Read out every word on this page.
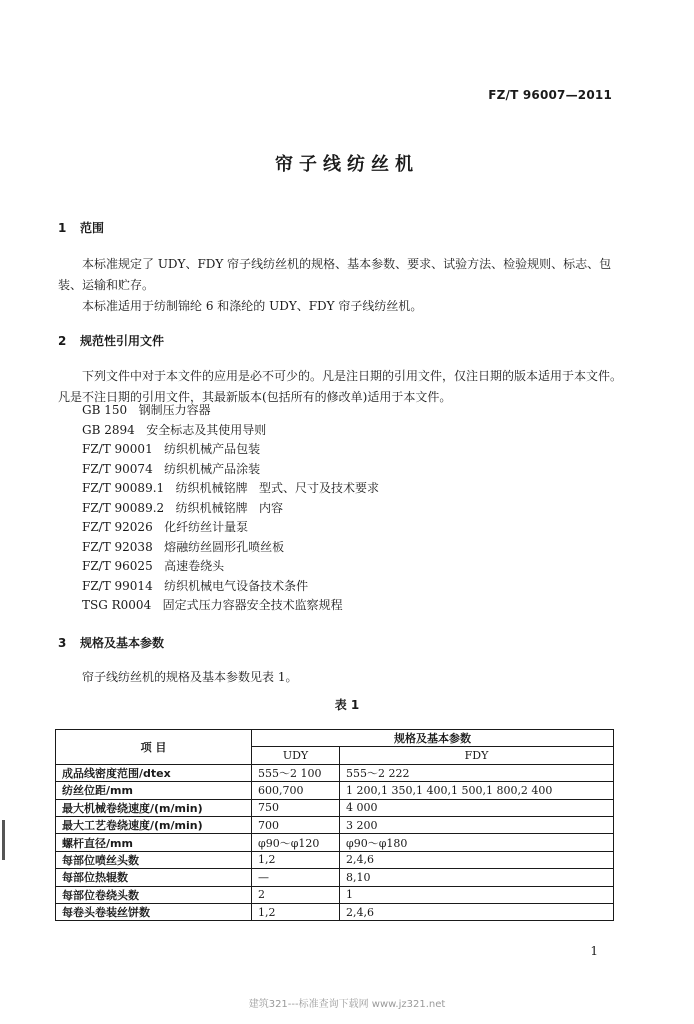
FZ/T 96007—2011
帘子线纺丝机
1 范围
本标准规定了 UDY、FDY 帘子线纺丝机的规格、基本参数、要求、试验方法、检验规则、标志、包装、运输和贮存。
本标准适用于纺制锦纶 6 和涤纶的 UDY、FDY 帘子线纺丝机。
2 规范性引用文件
下列文件中对于本文件的应用是必不可少的。凡是注日期的引用文件，仅注日期的版本适用于本文件。凡是不注日期的引用文件，其最新版本(包括所有的修改单)适用于本文件。
GB 150   钢制压力容器
GB 2894   安全标志及其使用导则
FZ/T 90001   纺织机械产品包装
FZ/T 90074   纺织机械产品涂装
FZ/T 90089.1   纺织机械铭牌   型式、尺寸及技术要求
FZ/T 90089.2   纺织机械铭牌   内容
FZ/T 92026   化纤纺丝计量泵
FZ/T 92038   熔融纺丝圆形孔喷丝板
FZ/T 96025   高速卷绕头
FZ/T 99014   纺织机械电气设备技术条件
TSG R0004   固定式压力容器安全技术监察规程
3 规格及基本参数
帘子线纺丝机的规格及基本参数见表 1。
表 1
项 目	规格及基本参数	
	UDY	FDY
成品线密度范围/dtex	555～2 100	555～2 222
纺丝位距/mm	600,700	1 200,1 350,1 400,1 500,1 800,2 400
最大机械卷绕速度/(m/min)	750	4 000
最大工艺卷绕速度/(m/min)	700	3 200
螺杆直径/mm	φ90～φ120	φ90～φ180
每部位喷丝头数	1,2	2,4,6
每部位热辊数	—	8,10
每部位卷绕头数	2	1
每卷头卷装丝饼数	1,2	2,4,6
1
建筑321---标准查询下载网 www.jz321.net
